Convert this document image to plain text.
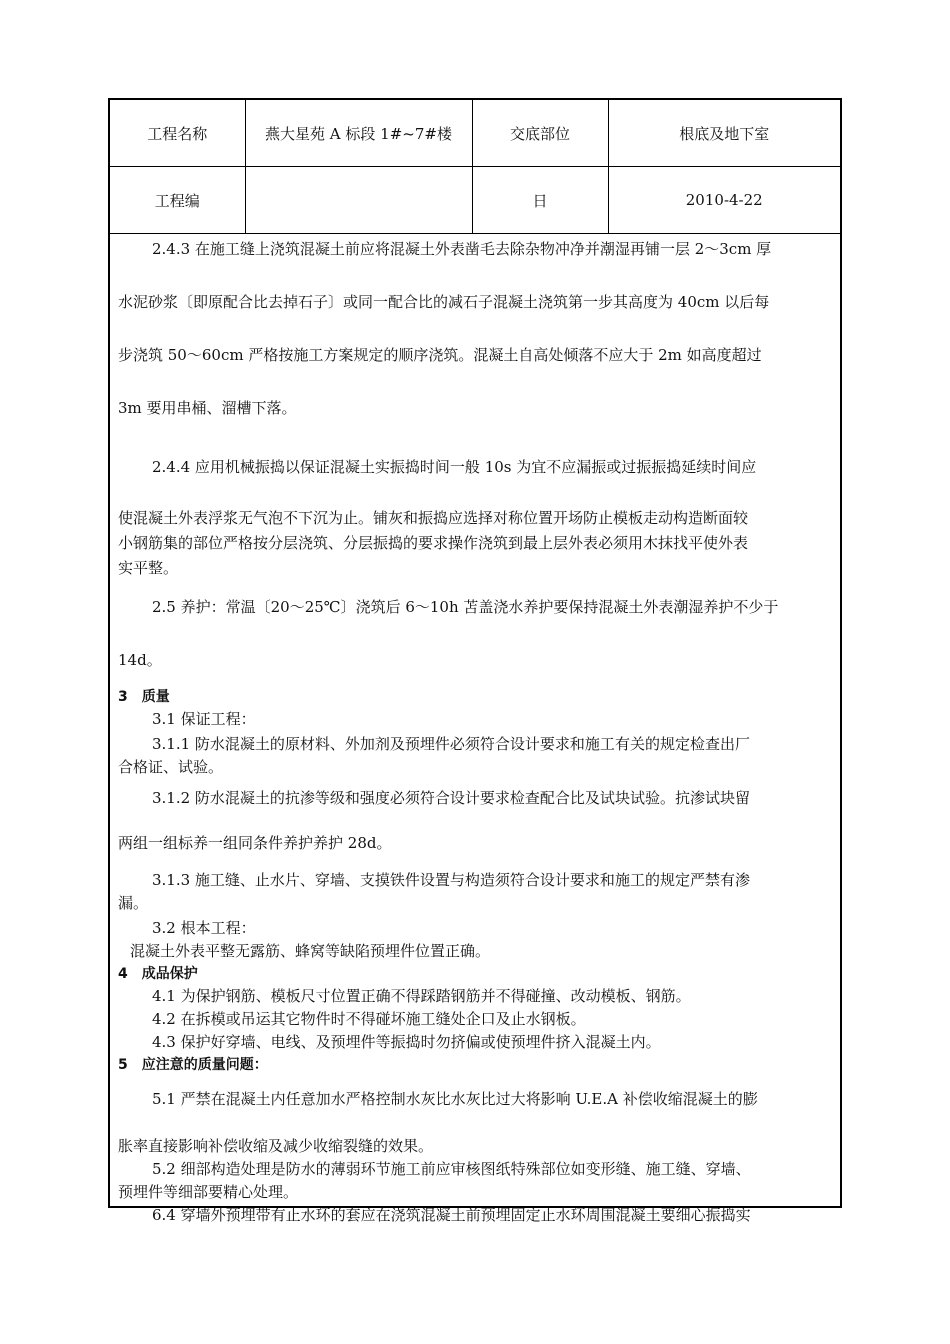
工程名称	燕大星苑 A 标段 1#~7#楼	交底部位	根底及地下室
工程编		日	2010-4-22
2.4.3 在施工缝上浇筑混凝土前应将混凝土外表凿毛去除杂物冲净并潮湿再铺一层 2～3cm 厚
水泥砂浆〔即原配合比去掉石子〕或同一配合比的减石子混凝土浇筑第一步其高度为 40cm 以后每
步浇筑 50～60cm 严格按施工方案规定的顺序浇筑。混凝土自高处倾落不应大于 2m 如高度超过
3m 要用串桶、溜槽下落。
2.4.4 应用机械振捣以保证混凝土实振捣时间一般 10s 为宜不应漏振或过振振捣延续时间应
使混凝土外表浮浆无气泡不下沉为止。铺灰和振捣应选择对称位置开场防止模板走动构造断面较
小钢筋集的部位严格按分层浇筑、分层振捣的要求操作浇筑到最上层外表必须用木抹找平使外表
实平整。
2.5 养护：常温〔20～25℃〕浇筑后 6～10h 苫盖浇水养护要保持混凝土外表潮湿养护不少于
14d。
3　质量
3.1 保证工程：
3.1.1 防水混凝土的原材料、外加剂及预埋件必须符合设计要求和施工有关的规定检查出厂
合格证、试验。
3.1.2 防水混凝土的抗渗等级和强度必须符合设计要求检查配合比及试块试验。抗渗试块留
两组一组标养一组同条件养护养护 28d。
3.1.3 施工缝、止水片、穿墙、支摸铁件设置与构造须符合设计要求和施工的规定严禁有渗
漏。
3.2 根本工程：
混凝土外表平整无露筋、蜂窝等缺陷预埋件位置正确。
4　成品保护
4.1 为保护钢筋、模板尺寸位置正确不得踩踏钢筋并不得碰撞、改动模板、钢筋。
4.2 在拆模或吊运其它物件时不得碰坏施工缝处企口及止水钢板。
4.3 保护好穿墙、电线、及预埋件等振捣时勿挤偏或使预埋件挤入混凝土内。
5　应注意的质量问题：
5.1 严禁在混凝土内任意加水严格控制水灰比水灰比过大将影响 U.E.A 补偿收缩混凝土的膨
胀率直接影响补偿收缩及减少收缩裂缝的效果。
5.2 细部构造处理是防水的薄弱环节施工前应审核图纸特殊部位如变形缝、施工缝、穿墙、
预埋件等细部要精心处理。
6.4 穿墙外预埋带有止水环的套应在浇筑混凝土前预埋固定止水环周围混凝土要细心振捣实
